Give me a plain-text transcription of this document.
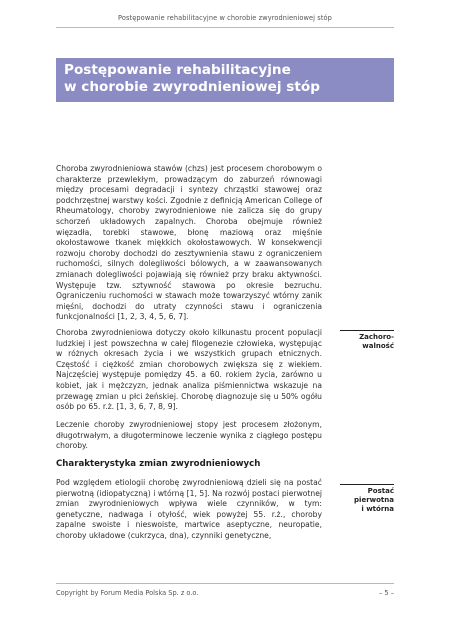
Postępowanie rehabilitacyjne w chorobie zwyrodnieniowej stóp
Postępowanie rehabilitacyjne
w chorobie zwyrodnieniowej stóp
Choroba zwyrodnieniowa stawów (chzs) jest procesem chorobowym o charakterze przewlekłym, prowadzącym do zaburzeń równowagi między procesami degradacji i syntezy chrząstki stawowej oraz podchrzęstnej warstwy kości. Zgodnie z definicją American College of Rheumatology, choroby zwyrodnieniowe nie zalicza się do grupy schorzeń układowych zapalnych. Choroba obejmuje również więzadła, torebki stawowe, błonę maziową oraz mięśnie okołostawowe tkanek miękkich okołostawowych. W konsekwencji rozwoju choroby dochodzi do zesztywnienia stawu z ograniczeniem ruchomości, silnych dolegliwości bólowych, a w zaawansowanych zmianach dolegliwości pojawiają się również przy braku aktywności. Występuje tzw. sztywność stawowa po okresie bezruchu. Ograniczeniu ruchomości w stawach może towarzyszyć wtórny zanik mięśni, dochodzi do utraty czynności stawu i ograniczenia funkcjonalności [1, 2, 3, 4, 5, 6, 7].
Choroba zwyrodnieniowa dotyczy około kilkunastu procent populacji ludzkiej i jest powszechna w całej filogenezie człowieka, występując w różnych okresach życia i we wszystkich grupach etnicznych. Częstość i ciężkość zmian chorobowych zwiększa się z wiekiem. Najczęściej występuje pomiędzy 45. a 60. rokiem życia, zarówno u kobiet, jak i mężczyzn, jednak analiza piśmiennictwa wskazuje na przewagę zmian u płci żeńskiej. Chorobę diagnozuje się u 50% ogółu osób po 65. r.ż. [1, 3, 6, 7, 8, 9].
Leczenie choroby zwyrodnieniowej stopy jest procesem złożonym, długotrwałym, a długoterminowe leczenie wynika z ciągłego postępu choroby.
Charakterystyka zmian zwyrodnieniowych
Pod względem etiologii chorobę zwyrodnieniową dzieli się na postać pierwotną (idiopatyczną) i wtórną [1, 5]. Na rozwój postaci pierwotnej zmian zwyrodnieniowych wpływa wiele czynników, w tym: genetyczne, nadwaga i otyłość, wiek powyżej 55. r.ż., choroby zapalne swoiste i nieswoiste, martwice aseptyczne, neuropatie, choroby układowe (cukrzyca, dna), czynniki genetyczne,
Zachoro-
walność
Postać
pierwotna
i wtórna
Copyright by Forum Media Polska Sp. z o.o.	– 5 –
